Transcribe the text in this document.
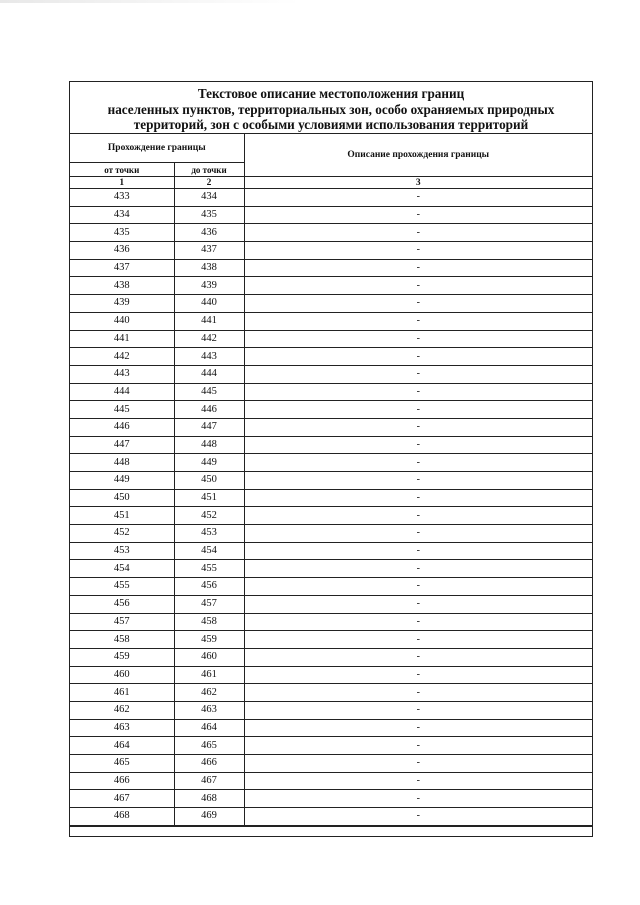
Текстовое описание местоположения границ
населенных пунктов, территориальных зон, особо охраняемых природных
территорий, зон с особыми условиями использования территорий
Прохождение границы		Описание прохождения границы
от точки	до точки	
1	2	3
433	434	-
434	435	-
435	436	-
436	437	-
437	438	-
438	439	-
439	440	-
440	441	-
441	442	-
442	443	-
443	444	-
444	445	-
445	446	-
446	447	-
447	448	-
448	449	-
449	450	-
450	451	-
451	452	-
452	453	-
453	454	-
454	455	-
455	456	-
456	457	-
457	458	-
458	459	-
459	460	-
460	461	-
461	462	-
462	463	-
463	464	-
464	465	-
465	466	-
466	467	-
467	468	-
468	469	-
